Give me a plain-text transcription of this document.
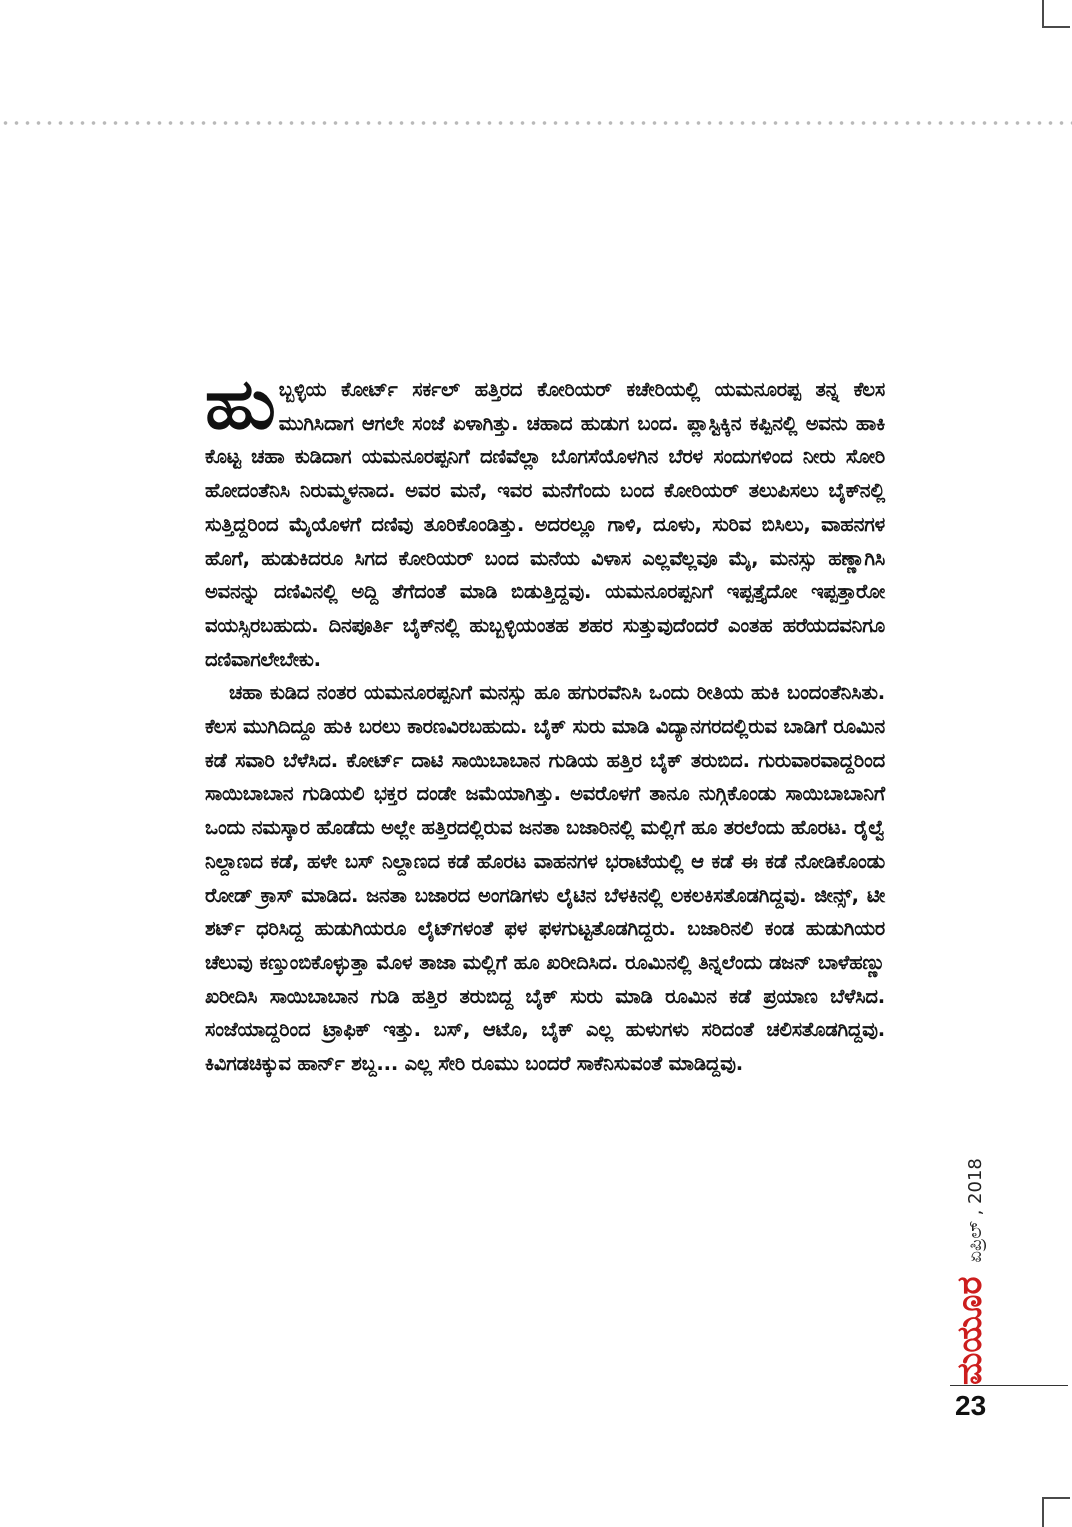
ಹುಬ್ಬಳ್ಳಿಯ ಕೋರ್ಟ್ ಸರ್ಕಲ್ ಹತ್ತಿರದ ಕೋರಿಯರ್ ಕಚೇರಿಯಲ್ಲಿ ಯಮನೂರಪ್ಪ ತನ್ನ ಕೆಲಸ ಮುಗಿಸಿದಾಗ ಆಗಲೇ ಸಂಜೆ ಏಳಾಗಿತ್ತು. ಚಹಾದ ಹುಡುಗ ಬಂದ. ಪ್ಲಾಸ್ಟಿಕ್ಕಿನ ಕಪ್ಪಿನಲ್ಲಿ ಅವನು ಹಾಕಿ ಕೊಟ್ಟ ಚಹಾ ಕುಡಿದಾಗ ಯಮನೂರಪ್ಪನಿಗೆ ದಣಿವೆಲ್ಲಾ ಬೊಗಸೆಯೊಳಗಿನ ಬೆರಳ ಸಂದುಗಳಿಂದ ನೀರು ಸೋರಿ ಹೋದಂತೆನಿಸಿ ನಿರುಮ್ಮಳನಾದ. ಅವರ ಮನೆ, ಇವರ ಮನೆಗೆಂದು ಬಂದ ಕೋರಿಯರ್ ತಲುಪಿಸಲು ಬೈಕ್‍ನಲ್ಲಿ ಸುತ್ತಿದ್ದರಿಂದ ಮೈಯೊಳಗೆ ದಣಿವು ತೂರಿಕೊಂಡಿತ್ತು. ಅದರಲ್ಲೂ ಗಾಳಿ, ದೂಳು, ಸುರಿವ ಬಿಸಿಲು, ವಾಹನಗಳ ಹೊಗೆ, ಹುಡುಕಿದರೂ ಸಿಗದ ಕೋರಿಯರ್ ಬಂದ ಮನೆಯ ವಿಳಾಸ ಎಲ್ಲವೆಲ್ಲವೂ ಮೈ, ಮನಸ್ಸು ಹಣ್ಣಾಗಿಸಿ ಅವನನ್ನು ದಣಿವಿನಲ್ಲಿ ಅದ್ದಿ ತೆಗೆದಂತೆ ಮಾಡಿ ಬಿಡುತ್ತಿದ್ದವು. ಯಮನೂರಪ್ಪನಿಗೆ ಇಪ್ಪತ್ತೈದೋ ಇಪ್ಪತ್ತಾರೋ ವಯಸ್ಸಿರಬಹುದು. ದಿನಪೂರ್ತಿ ಬೈಕ್‍ನಲ್ಲಿ ಹುಬ್ಬಳ್ಳಿಯಂತಹ ಶಹರ ಸುತ್ತುವುದೆಂದರೆ ಎಂತಹ ಹರೆಯದವನಿಗೂ ದಣಿವಾಗಲೇಬೇಕು.

ಚಹಾ ಕುಡಿದ ನಂತರ ಯಮನೂರಪ್ಪನಿಗೆ ಮನಸ್ಸು ಹೂ ಹಗುರವೆನಿಸಿ ಒಂದು ರೀತಿಯ ಹುಕಿ ಬಂದಂತೆನಿಸಿತು. ಕೆಲಸ ಮುಗಿದಿದ್ದೂ ಹುಕಿ ಬರಲು ಕಾರಣವಿರಬಹುದು. ಬೈಕ್ ಸುರು ಮಾಡಿ ವಿದ್ಯಾನಗರದಲ್ಲಿರುವ ಬಾಡಿಗೆ ರೂಮಿನ ಕಡೆ ಸವಾರಿ ಬೆಳೆಸಿದ. ಕೋರ್ಟ್ ದಾಟಿ ಸಾಯಿಬಾಬಾನ ಗುಡಿಯ ಹತ್ತಿರ ಬೈಕ್ ತರುಬಿದ. ಗುರುವಾರವಾದ್ದರಿಂದ ಸಾಯಿಬಾಬಾನ ಗುಡಿಯಲಿ ಭಕ್ತರ ದಂಡೇ ಜಮೆಯಾಗಿತ್ತು. ಅವರೊಳಗೆ ತಾನೂ ನುಗ್ಗಿಕೊಂಡು ಸಾಯಿಬಾಬಾನಿಗೆ ಒಂದು ನಮಸ್ಕಾರ ಹೊಡೆದು ಅಲ್ಲೇ ಹತ್ತಿರದಲ್ಲಿರುವ ಜನತಾ ಬಜಾರಿನಲ್ಲಿ ಮಲ್ಲಿಗೆ ಹೂ ತರಲೆಂದು ಹೊರಟ. ರೈಲ್ವೆ ನಿಲ್ದಾಣದ ಕಡೆ, ಹಳೇ ಬಸ್ ನಿಲ್ದಾಣದ ಕಡೆ ಹೊರಟ ವಾಹನಗಳ ಭರಾಟೆಯಲ್ಲಿ ಆ ಕಡೆ ಈ ಕಡೆ ನೋಡಿಕೊಂಡು ರೋಡ್ ಕ್ರಾಸ್ ಮಾಡಿದ. ಜನತಾ ಬಜಾರದ ಅಂಗಡಿಗಳು ಲೈಟಿನ ಬೆಳಕಿನಲ್ಲಿ ಲಕಲಕಿಸತೊಡಗಿದ್ದವು. ಜೀನ್ಸ್, ಟೀ ಶರ್ಟ್ ಧರಿಸಿದ್ದ ಹುಡುಗಿಯರೂ ಲೈಟ್‍ಗಳಂತೆ ಫಳ ಫಳಗುಟ್ಟತೊಡಗಿದ್ದರು. ಬಜಾರಿನಲಿ ಕಂಡ ಹುಡುಗಿಯರ ಚೆಲುವು ಕಣ್ತುಂಬಿಕೊಳ್ಳುತ್ತಾ ಮೊಳ ತಾಜಾ ಮಲ್ಲಿಗೆ ಹೂ ಖರೀದಿಸಿದ. ರೂಮಿನಲ್ಲಿ ತಿನ್ನಲೆಂದು ಡಜನ್ ಬಾಳೆಹಣ್ಣು ಖರೀದಿಸಿ ಸಾಯಿಬಾಬಾನ ಗುಡಿ ಹತ್ತಿರ ತರುಬಿದ್ದ ಬೈಕ್ ಸುರು ಮಾಡಿ ರೂಮಿನ ಕಡೆ ಪ್ರಯಾಣ ಬೆಳೆಸಿದ. ಸಂಜೆಯಾದ್ದರಿಂದ ಟ್ರಾಫಿಕ್ ಇತ್ತು. ಬಸ್, ಆಟೊ, ಬೈಕ್ ಎಲ್ಲ ಹುಳುಗಳು ಸರಿದಂತೆ ಚಲಿಸತೊಡಗಿದ್ದವು. ಕಿವಿಗಡಚಿಕ್ಕುವ ಹಾರ್ನ್ ಶಬ್ದ... ಎಲ್ಲ ಸೇರಿ ರೂಮು ಬಂದರೆ ಸಾಕೆನಿಸುವಂತೆ ಮಾಡಿದ್ದವು.

ಮಯೂರ
ಏಪ್ರಿಲ್ , 2018
23
